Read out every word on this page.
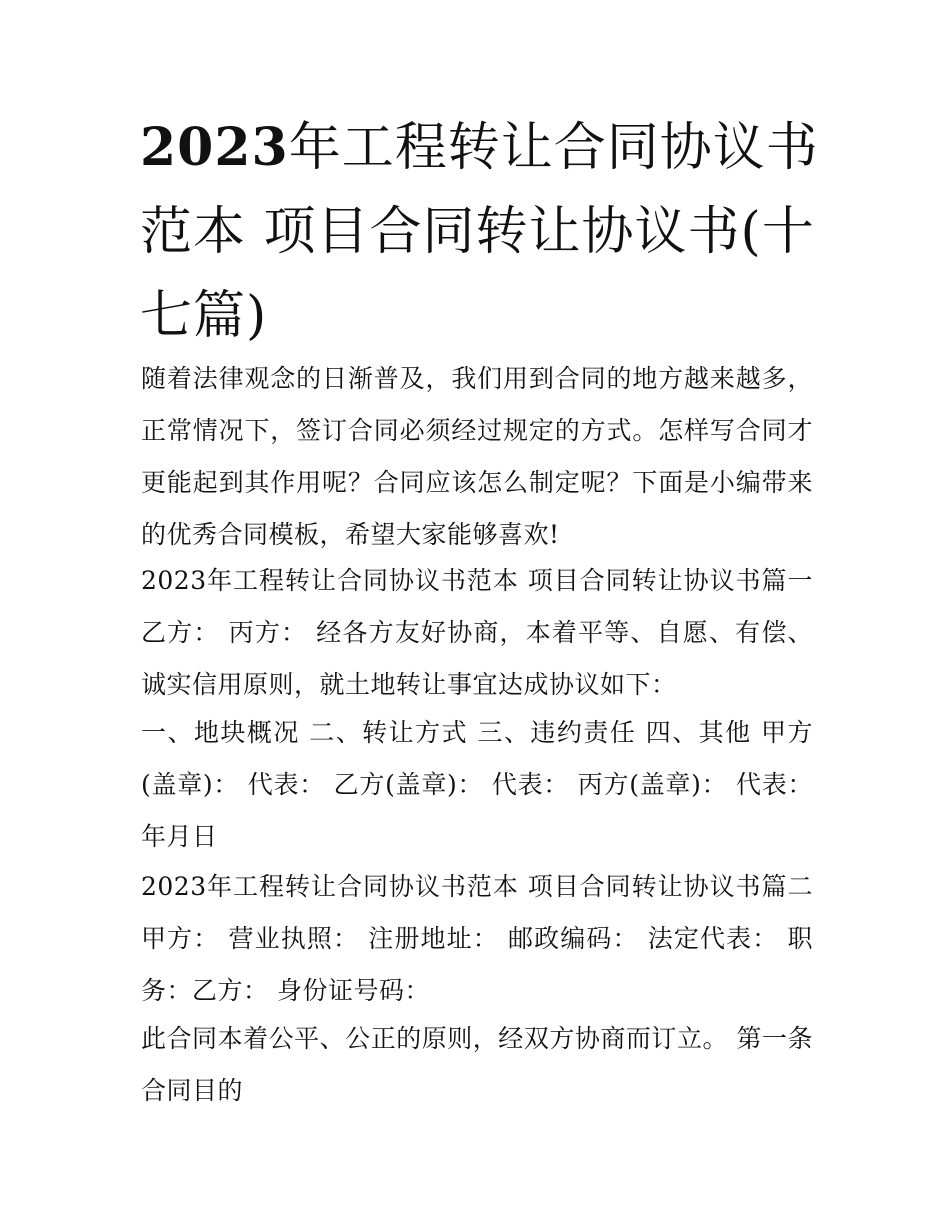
2023年工程转让合同协议书范本 项目合同转让协议书(十七篇)

随着法律观念的日渐普及，我们用到合同的地方越来越多，正常情况下，签订合同必须经过规定的方式。怎样写合同才更能起到其作用呢？合同应该怎么制定呢？下面是小编带来的优秀合同模板，希望大家能够喜欢!

2023年工程转让合同协议书范本 项目合同转让协议书篇一 乙方： 丙方： 经各方友好协商，本着平等、自愿、有偿、诚实信用原则，就土地转让事宜达成协议如下：

一、地块概况 二、转让方式 三、违约责任 四、其他 甲方(盖章)： 代表： 乙方(盖章)： 代表： 丙方(盖章)： 代表： 年月日

2023年工程转让合同协议书范本 项目合同转让协议书篇二 甲方： 营业执照： 注册地址： 邮政编码： 法定代表： 职务：乙方： 身份证号码：

此合同本着公平、公正的原则，经双方协商而订立。 第一条合同目的
